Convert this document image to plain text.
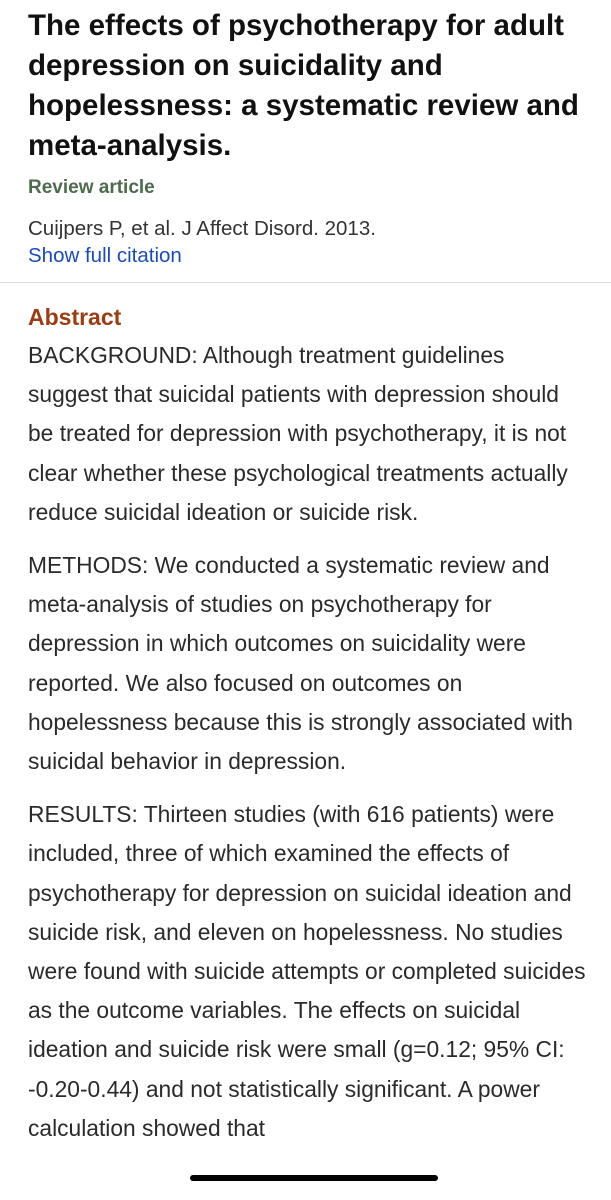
The effects of psychotherapy for adult depression on suicidality and hopelessness: a systematic review and meta-analysis.
Review article
Cuijpers P, et al. J Affect Disord. 2013.
Show full citation
Abstract

BACKGROUND: Although treatment guidelines suggest that suicidal patients with depression should be treated for depression with psychotherapy, it is not clear whether these psychological treatments actually reduce suicidal ideation or suicide risk.

METHODS: We conducted a systematic review and meta-analysis of studies on psychotherapy for depression in which outcomes on suicidality were reported. We also focused on outcomes on hopelessness because this is strongly associated with suicidal behavior in depression.

RESULTS: Thirteen studies (with 616 patients) were included, three of which examined the effects of psychotherapy for depression on suicidal ideation and suicide risk, and eleven on hopelessness. No studies were found with suicide attempts or completed suicides as the outcome variables. The effects on suicidal ideation and suicide risk were small (g=0.12; 95% CI: -0.20-0.44) and not statistically significant. A power calculation showed that
